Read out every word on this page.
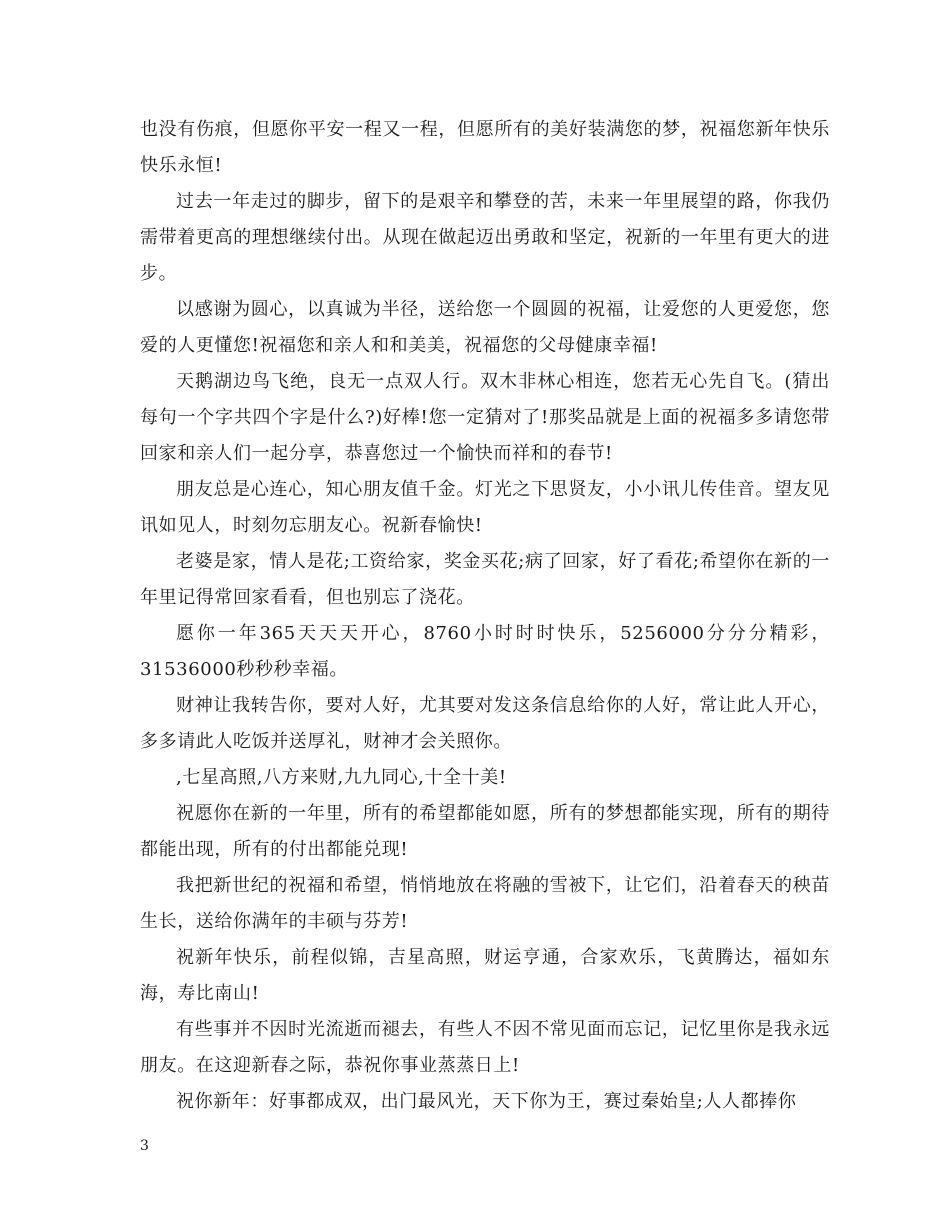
也没有伤痕，但愿你平安一程又一程，但愿所有的美好装满您的梦，祝福您新年快乐快乐永恒!

过去一年走过的脚步，留下的是艰辛和攀登的苦，未来一年里展望的路，你我仍需带着更高的理想继续付出。从现在做起迈出勇敢和坚定，祝新的一年里有更大的进步。

以感谢为圆心，以真诚为半径，送给您一个圆圆的祝福，让爱您的人更爱您，您爱的人更懂您!祝福您和亲人和和美美，祝福您的父母健康幸福!

天鹅湖边鸟飞绝，良无一点双人行。双木非林心相连，您若无心先自飞。(猜出每句一个字共四个字是什么?)好棒!您一定猜对了!那奖品就是上面的祝福多多请您带回家和亲人们一起分享，恭喜您过一个愉快而祥和的春节!

朋友总是心连心，知心朋友值千金。灯光之下思贤友，小小讯儿传佳音。望友见讯如见人，时刻勿忘朋友心。祝新春愉快!

老婆是家，情人是花;工资给家，奖金买花;病了回家，好了看花;希望你在新的一年里记得常回家看看，但也别忘了浇花。

愿你一年365天天天开心，8760小时时时快乐，5256000分分分精彩，31536000秒秒秒幸福。

财神让我转告你，要对人好，尤其要对发这条信息给你的人好，常让此人开心，多多请此人吃饭并送厚礼，财神才会关照你。

,七星高照,八方来财,九九同心,十全十美!

祝愿你在新的一年里，所有的希望都能如愿，所有的梦想都能实现，所有的期待都能出现，所有的付出都能兑现!

我把新世纪的祝福和希望，悄悄地放在将融的雪被下，让它们，沿着春天的秧苗生长，送给你满年的丰硕与芬芳!

祝新年快乐，前程似锦，吉星高照，财运亨通，合家欢乐，飞黄腾达，福如东海，寿比南山!

有些事并不因时光流逝而褪去，有些人不因不常见面而忘记，记忆里你是我永远朋友。在这迎新春之际，恭祝你事业蒸蒸日上!

祝你新年：好事都成双，出门最风光，天下你为王，赛过秦始皇;人人都捧你

3
